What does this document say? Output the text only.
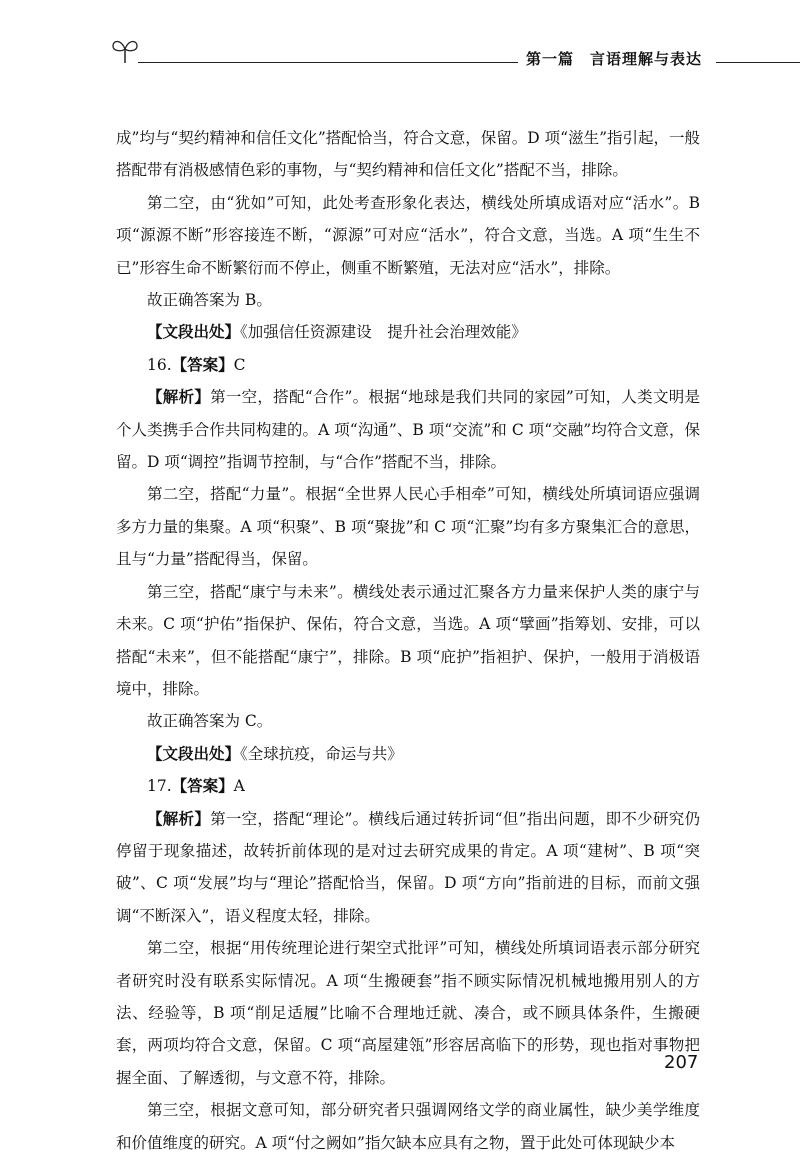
第一篇 言语理解与表达

成”均与“契约精神和信任文化”搭配恰当，符合文意，保留。D 项“滋生”指引起，一般搭配带有消极感情色彩的事物，与“契约精神和信任文化”搭配不当，排除。

第二空，由“犹如”可知，此处考查形象化表达，横线处所填成语对应“活水”。B 项“源源不断”形容接连不断，“源源”可对应“活水”，符合文意，当选。A 项“生生不已”形容生命不断繁衍而不停止，侧重不断繁殖，无法对应“活水”，排除。

故正确答案为 B。

【文段出处】《加强信任资源建设　提升社会治理效能》

16.【答案】C

【解析】第一空，搭配“合作”。根据“地球是我们共同的家园”可知，人类文明是个人类携手合作共同构建的。A 项“沟通”、B 项“交流”和 C 项“交融”均符合文意，保留。D 项“调控”指调节控制，与“合作”搭配不当，排除。

第二空，搭配“力量”。根据“全世界人民心手相牵”可知，横线处所填词语应强调多方力量的集聚。A 项“积聚”、B 项“聚拢”和 C 项“汇聚”均有多方聚集汇合的意思，且与“力量”搭配得当，保留。

第三空，搭配“康宁与未来”。横线处表示通过汇聚各方力量来保护人类的康宁与未来。C 项“护佑”指保护、保佑，符合文意，当选。A 项“擘画”指筹划、安排，可以搭配“未来”，但不能搭配“康宁”，排除。B 项“庇护”指袒护、保护，一般用于消极语境中，排除。

故正确答案为 C。

【文段出处】《全球抗疫，命运与共》

17.【答案】A

【解析】第一空，搭配“理论”。横线后通过转折词“但”指出问题，即不少研究仍停留于现象描述，故转折前体现的是对过去研究成果的肯定。A 项“建树”、B 项“突破”、C 项“发展”均与“理论”搭配恰当，保留。D 项“方向”指前进的目标，而前文强调“不断深入”，语义程度太轻，排除。

第二空，根据“用传统理论进行架空式批评”可知，横线处所填词语表示部分研究者研究时没有联系实际情况。A 项“生搬硬套”指不顾实际情况机械地搬用别人的方法、经验等，B 项“削足适履”比喻不合理地迁就、凑合，或不顾具体条件，生搬硬套，两项均符合文意，保留。C 项“高屋建瓴”形容居高临下的形势，现也指对事物把握全面、了解透彻，与文意不符，排除。

第三空，根据文意可知，部分研究者只强调网络文学的商业属性，缺少美学维度和价值维度的研究。A 项“付之阙如”指欠缺本应具有之物，置于此处可体现缺少本

207
